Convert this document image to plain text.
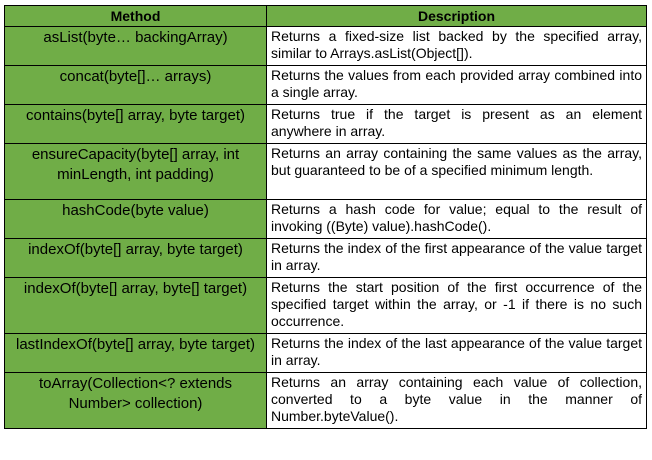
Method	Description
asList(byte… backingArray)	Returns a fixed-size list backed by the specified array, similar to Arrays.asList(Object[]).
concat(byte[]… arrays)	Returns the values from each provided array combined into a single array.
contains(byte[] array, byte target)	Returns true if the target is present as an element anywhere in array.
ensureCapacity(byte[] array, int minLength, int padding)	Returns an array containing the same values as the array, but guaranteed to be of a specified minimum length.
hashCode(byte value)	Returns a hash code for value; equal to the result of invoking ((Byte) value).hashCode().
indexOf(byte[] array, byte target)	Returns the index of the first appearance of the value target in array.
indexOf(byte[] array, byte[] target)	Returns the start position of the first occurrence of the specified target within the array, or -1 if there is no such occurrence.
lastIndexOf(byte[] array, byte target)	Returns the index of the last appearance of the value target in array.
toArray(Collection<? extends Number> collection)	Returns an array containing each value of collection, converted to a byte value in the manner of Number.byteValue().
